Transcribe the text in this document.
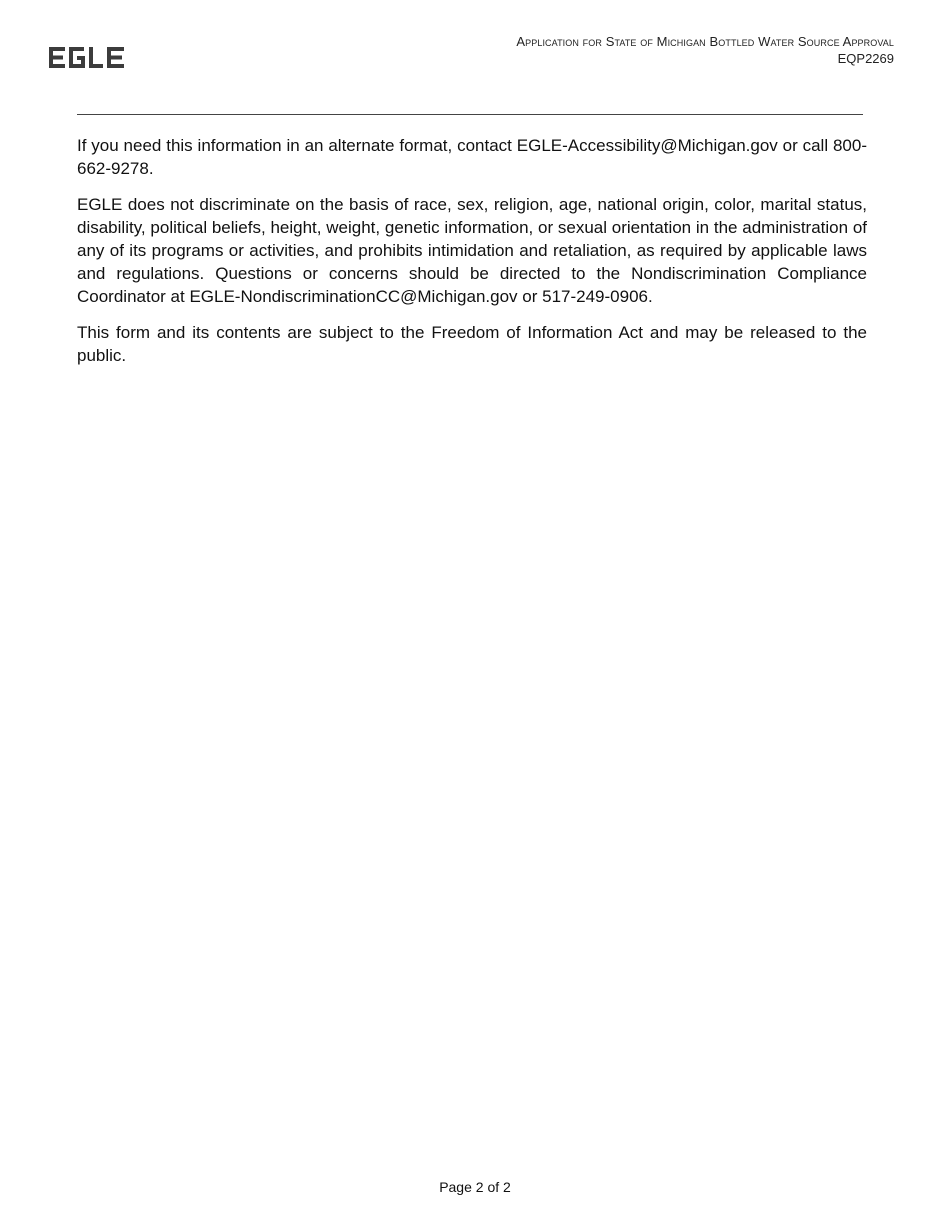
Application for State of Michigan Bottled Water Source Approval
EQP2269

If you need this information in an alternate format, contact EGLE-Accessibility@Michigan.gov or call 800-662-9278.

EGLE does not discriminate on the basis of race, sex, religion, age, national origin, color, marital status, disability, political beliefs, height, weight, genetic information, or sexual orientation in the administration of any of its programs or activities, and prohibits intimidation and retaliation, as required by applicable laws and regulations. Questions or concerns should be directed to the Nondiscrimination Compliance Coordinator at EGLE-NondiscriminationCC@Michigan.gov or 517-249-0906.

This form and its contents are subject to the Freedom of Information Act and may be released to the public.

Page 2 of 2
